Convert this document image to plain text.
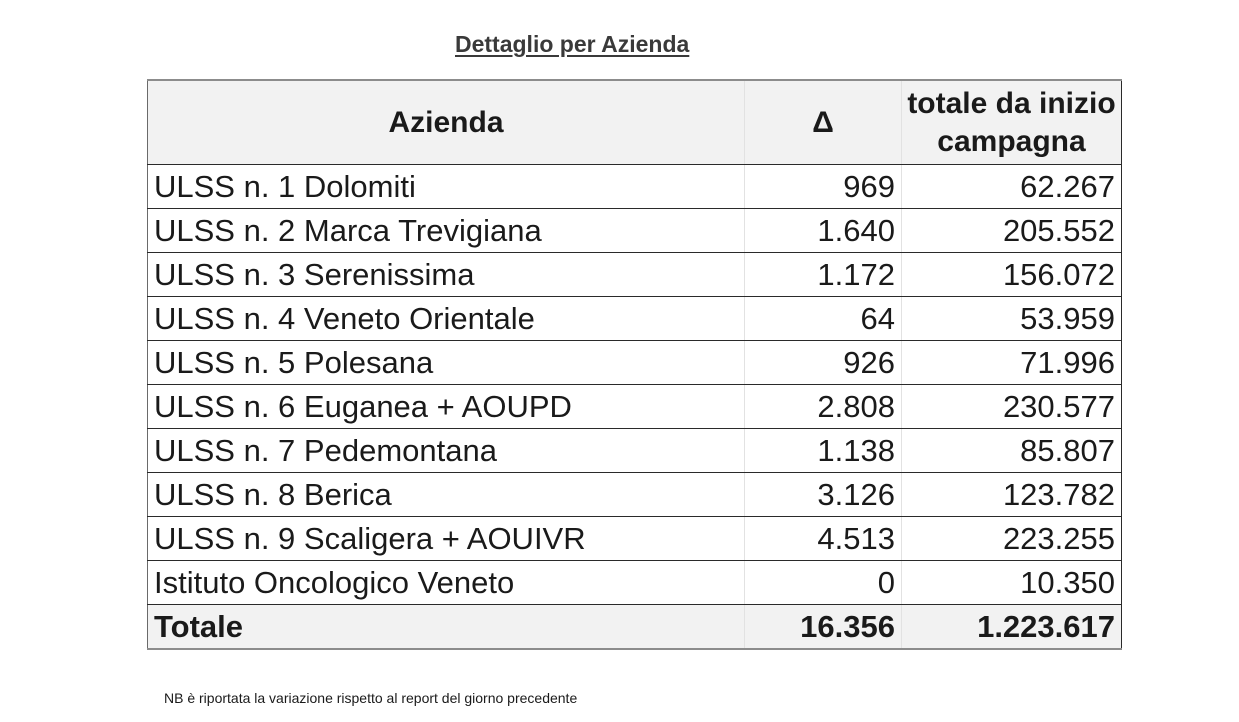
Dettaglio per Azienda
Azienda	Δ	totale da inizio campagna
ULSS n. 1 Dolomiti	969	62.267
ULSS n. 2 Marca Trevigiana	1.640	205.552
ULSS n. 3 Serenissima	1.172	156.072
ULSS n. 4 Veneto Orientale	64	53.959
ULSS n. 5 Polesana	926	71.996
ULSS n. 6 Euganea + AOUPD	2.808	230.577
ULSS n. 7 Pedemontana	1.138	85.807
ULSS n. 8 Berica	3.126	123.782
ULSS n. 9 Scaligera + AOUIVR	4.513	223.255
Istituto Oncologico Veneto	0	10.350
Totale	16.356	1.223.617
NB è riportata la variazione rispetto al report del giorno precedente
